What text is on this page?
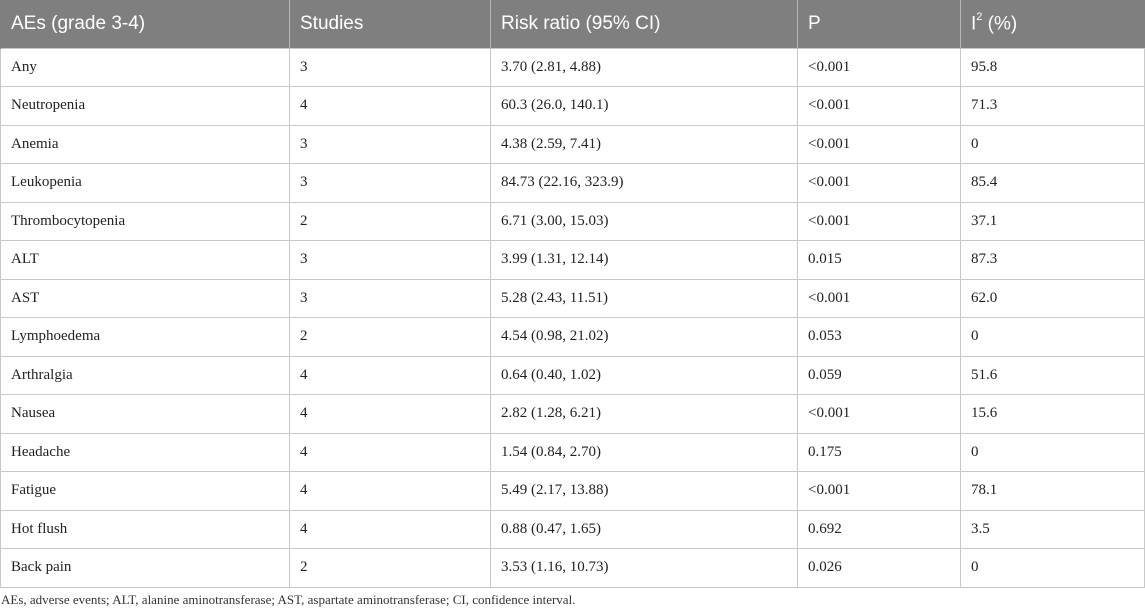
AEs (grade 3-4)	Studies	Risk ratio (95% CI)	P	$I^2$ (%)
Any	3	3.70 (2.81, 4.88)	<0.001	95.8
Neutropenia	4	60.3 (26.0, 140.1)	<0.001	71.3
Anemia	3	4.38 (2.59, 7.41)	<0.001	0
Leukopenia	3	84.73 (22.16, 323.9)	<0.001	85.4
Thrombocytopenia	2	6.71 (3.00, 15.03)	<0.001	37.1
ALT	3	3.99 (1.31, 12.14)	0.015	87.3
AST	3	5.28 (2.43, 11.51)	<0.001	62.0
Lymphoedema	2	4.54 (0.98, 21.02)	0.053	0
Arthralgia	4	0.64 (0.40, 1.02)	0.059	51.6
Nausea	4	2.82 (1.28, 6.21)	<0.001	15.6
Headache	4	1.54 (0.84, 2.70)	0.175	0
Fatigue	4	5.49 (2.17, 13.88)	<0.001	78.1
Hot flush	4	0.88 (0.47, 1.65)	0.692	3.5
Back pain	2	3.53 (1.16, 10.73)	0.026	0
AEs, adverse events; ALT, alanine aminotransferase; AST, aspartate aminotransferase; CI, confidence interval.
